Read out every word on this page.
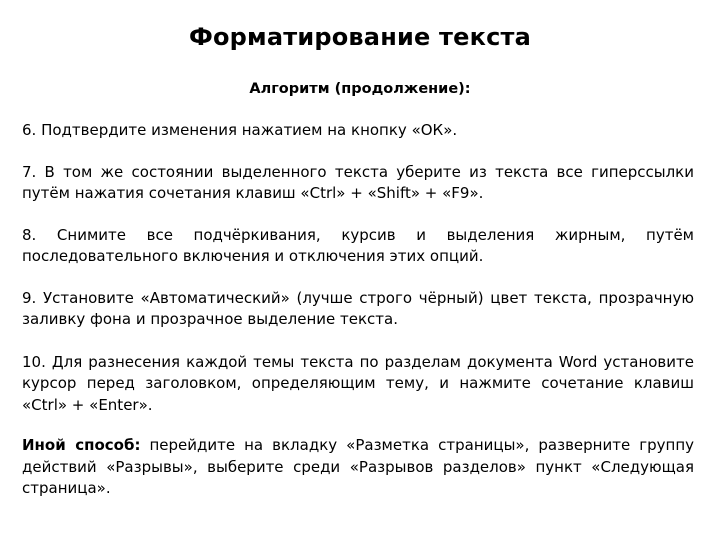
Форматирование текста
Алгоритм (продолжение):

6. Подтвердите изменения нажатием на кнопку «ОК».

7. В том же состоянии выделенного текста уберите из текста все гиперссылки путём нажатия сочетания клавиш «Ctrl» + «Shift» + «F9».

8. Снимите все подчёркивания, курсив и выделения жирным, путём последовательного включения и отключения этих опций.

9. Установите «Автоматический» (лучше строго чёрный) цвет текста, прозрачную заливку фона и прозрачное выделение текста.

10. Для разнесения каждой темы текста по разделам документа Word установите курсор перед заголовком, определяющим тему, и нажмите сочетание клавиш «Ctrl» + «Enter».

Иной способ: перейдите на вкладку «Разметка страницы», разверните группу действий «Разрывы», выберите среди «Разрывов разделов» пункт «Следующая страница».
